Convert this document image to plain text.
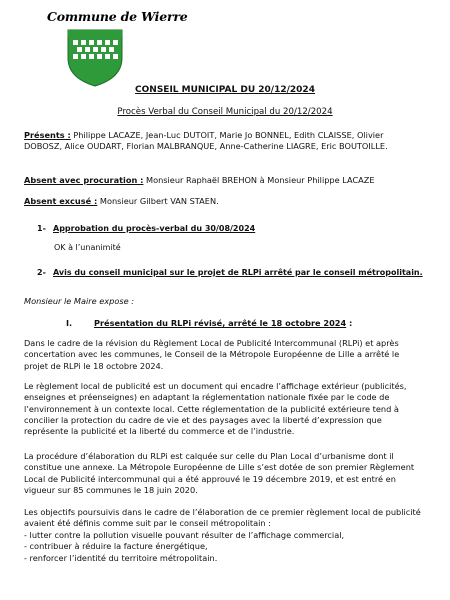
Commune de Wierre
CONSEIL MUNICIPAL DU 20/12/2024
Procès Verbal du Conseil Municipal du 20/12/2024
Présents : Philippe LACAZE, Jean-Luc DUTOIT, Marie Jo BONNEL, Edith CLAISSE, Olivier DOBOSZ, Alice OUDART, Florian MALBRANQUE, Anne-Catherine LIAGRE, Eric BOUTOILLE.
Absent avec procuration : Monsieur Raphaël BREHON à Monsieur Philippe LACAZE
Absent excusé : Monsieur Gilbert VAN STAEN.
1- Approbation du procès-verbal du 30/08/2024
OK à l’unanimité
2- Avis du conseil municipal sur le projet de RLPi arrêté par le conseil métropolitain.
Monsieur le Maire expose :
I.	Présentation du RLPi révisé, arrêté le 18 octobre 2024 :
Dans le cadre de la révision du Règlement Local de Publicité Intercommunal (RLPi) et après concertation avec les communes, le Conseil de la Métropole Européenne de Lille a arrêté le projet de RLPi le 18 octobre 2024.
Le règlement local de publicité est un document qui encadre l’affichage extérieur (publicités, enseignes et préenseignes) en adaptant la réglementation nationale fixée par le code de l’environnement à un contexte local. Cette réglementation de la publicité extérieure tend à concilier la protection du cadre de vie et des paysages avec la liberté d’expression que représente la publicité et la liberté du commerce et de l’industrie.
La procédure d’élaboration du RLPi est calquée sur celle du Plan Local d’urbanisme dont il constitue une annexe. La Métropole Européenne de Lille s’est dotée de son premier Règlement Local de Publicité intercommunal qui a été approuvé le 19 décembre 2019, et est entré en vigueur sur 85 communes le 18 juin 2020.
Les objectifs poursuivis dans le cadre de l’élaboration de ce premier règlement local de publicité avaient été définis comme suit par le conseil métropolitain :
- lutter contre la pollution visuelle pouvant résulter de l’affichage commercial,
- contribuer à réduire la facture énergétique,
- renforcer l’identité du territoire métropolitain.
